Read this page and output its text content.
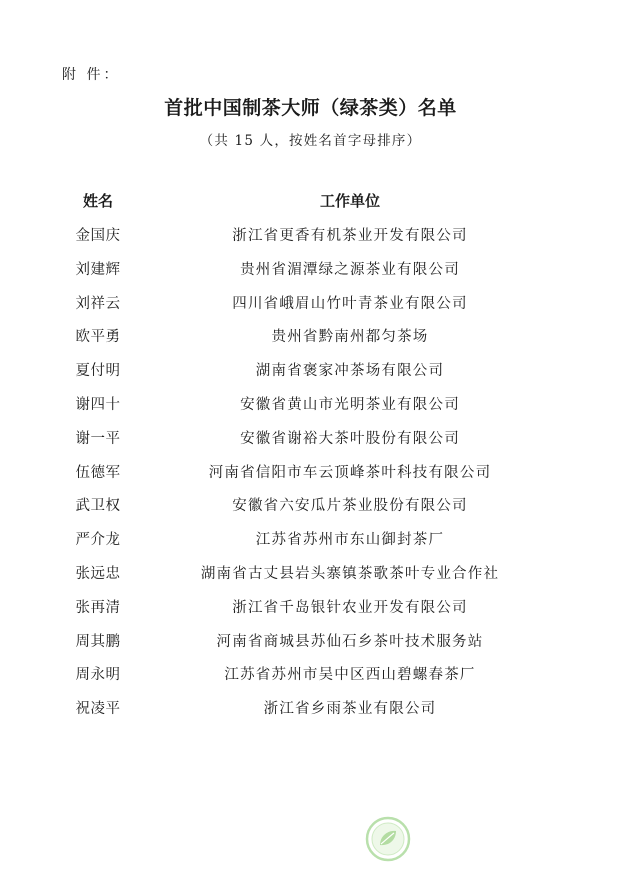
附 件：
首批中国制茶大师（绿茶类）名单
（共 15 人，按姓名首字母排序）
姓名	工作单位
金国庆	浙江省更香有机茶业开发有限公司
刘建辉	贵州省湄潭绿之源茶业有限公司
刘祥云	四川省峨眉山竹叶青茶业有限公司
欧平勇	贵州省黔南州都匀茶场
夏付明	湖南省褒家冲茶场有限公司
谢四十	安徽省黄山市光明茶业有限公司
谢一平	安徽省谢裕大茶叶股份有限公司
伍德军	河南省信阳市车云顶峰茶叶科技有限公司
武卫权	安徽省六安瓜片茶业股份有限公司
严介龙	江苏省苏州市东山御封茶厂
张远忠	湖南省古丈县岩头寨镇茶歌茶叶专业合作社
张再清	浙江省千岛银针农业开发有限公司
周其鹏	河南省商城县苏仙石乡茶叶技术服务站
周永明	江苏省苏州市吴中区西山碧螺春茶厂
祝凌平	浙江省乡雨茶业有限公司
